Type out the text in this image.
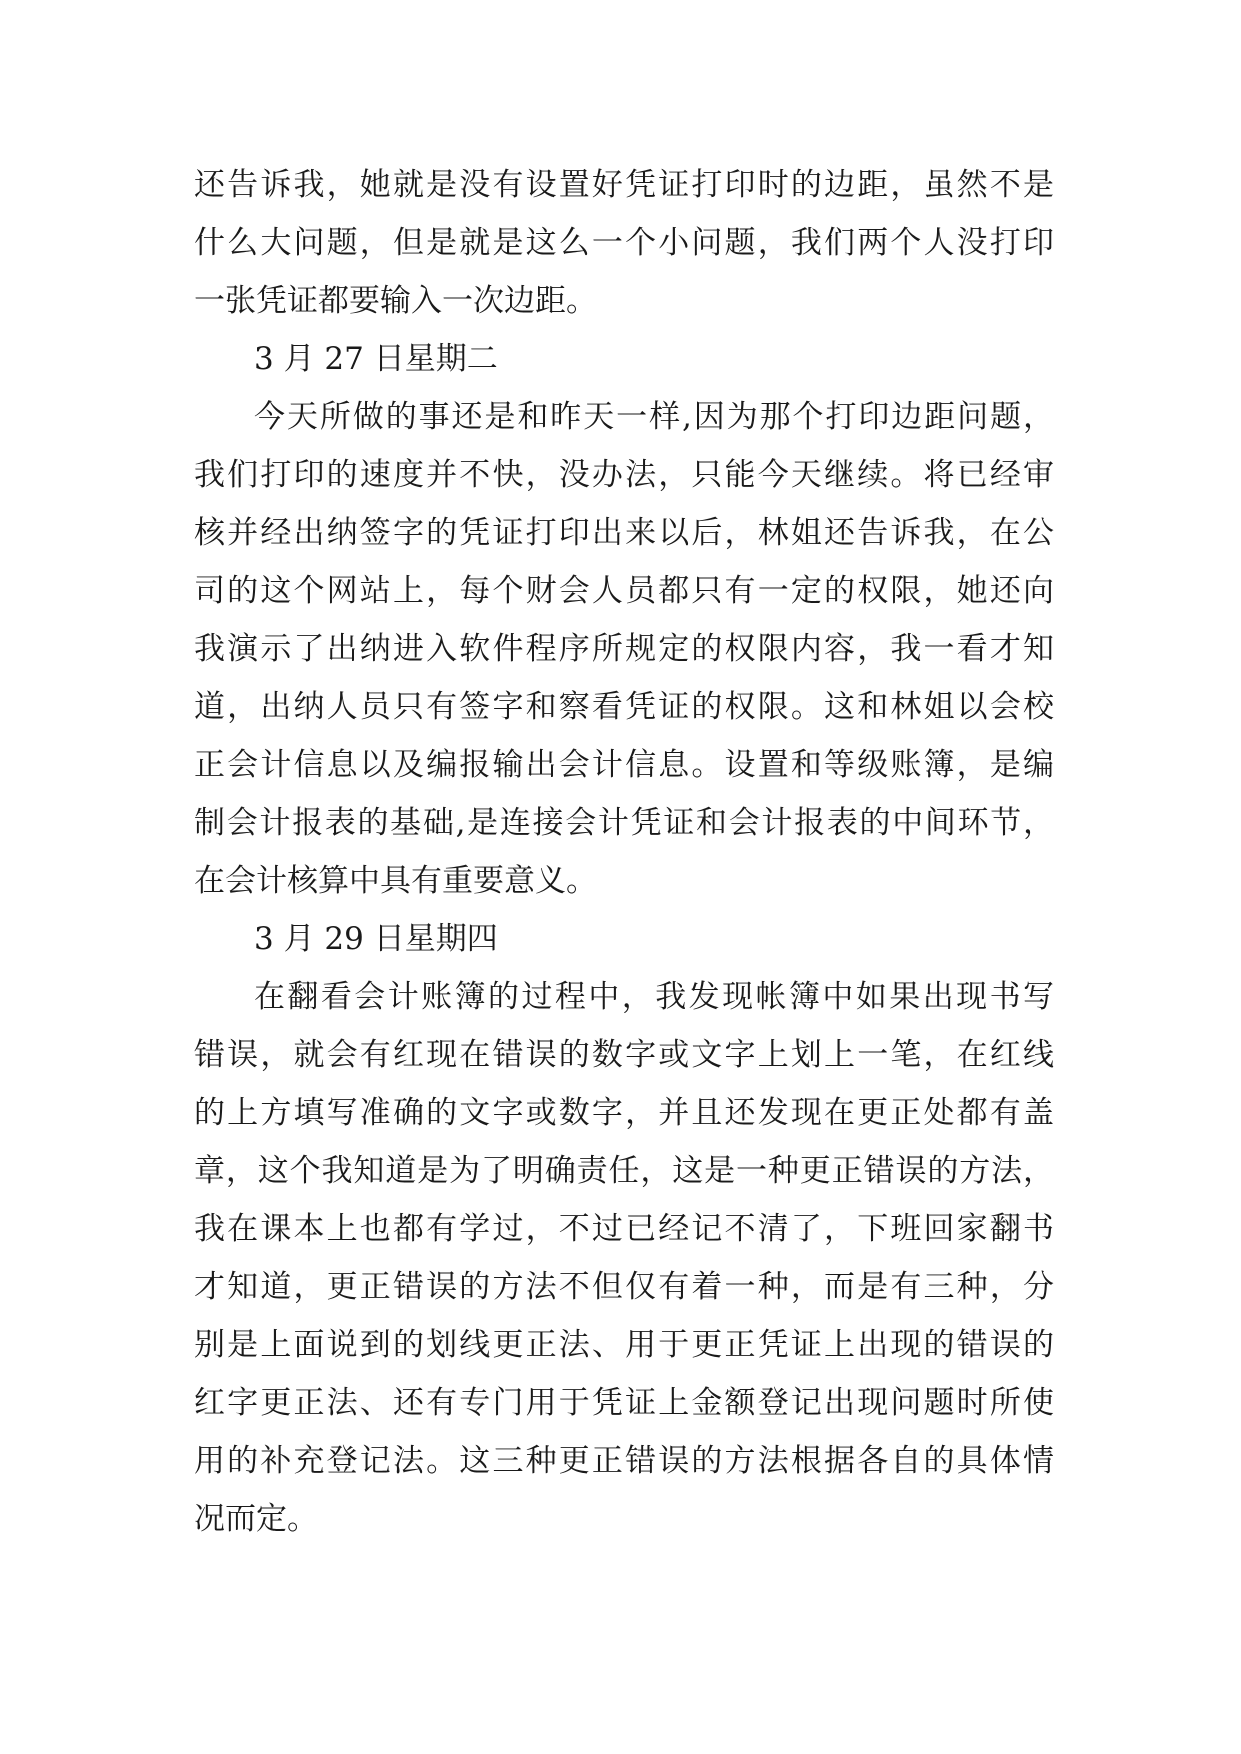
还告诉我，她就是没有设置好凭证打印时的边距，虽然不是

什么大问题，但是就是这么一个小问题，我们两个人没打印

一张凭证都要输入一次边距。

3 月 27 日星期二

今天所做的事还是和昨天一样,因为那个打印边距问题，

我们打印的速度并不快，没办法，只能今天继续。将已经审

核并经出纳签字的凭证打印出来以后，林姐还告诉我，在公

司的这个网站上，每个财会人员都只有一定的权限，她还向

我演示了出纳进入软件程序所规定的权限内容，我一看才知

道，出纳人员只有签字和察看凭证的权限。这和林姐以会校

正会计信息以及编报输出会计信息。设置和等级账簿，是编

制会计报表的基础,是连接会计凭证和会计报表的中间环节，

在会计核算中具有重要意义。

3 月 29 日星期四

在翻看会计账簿的过程中，我发现帐簿中如果出现书写

错误，就会有红现在错误的数字或文字上划上一笔，在红线

的上方填写准确的文字或数字，并且还发现在更正处都有盖

章，这个我知道是为了明确责任，这是一种更正错误的方法，

我在课本上也都有学过，不过已经记不清了，下班回家翻书

才知道，更正错误的方法不但仅有着一种，而是有三种，分

别是上面说到的划线更正法、用于更正凭证上出现的错误的

红字更正法、还有专门用于凭证上金额登记出现问题时所使

用的补充登记法。这三种更正错误的方法根据各自的具体情

况而定。
